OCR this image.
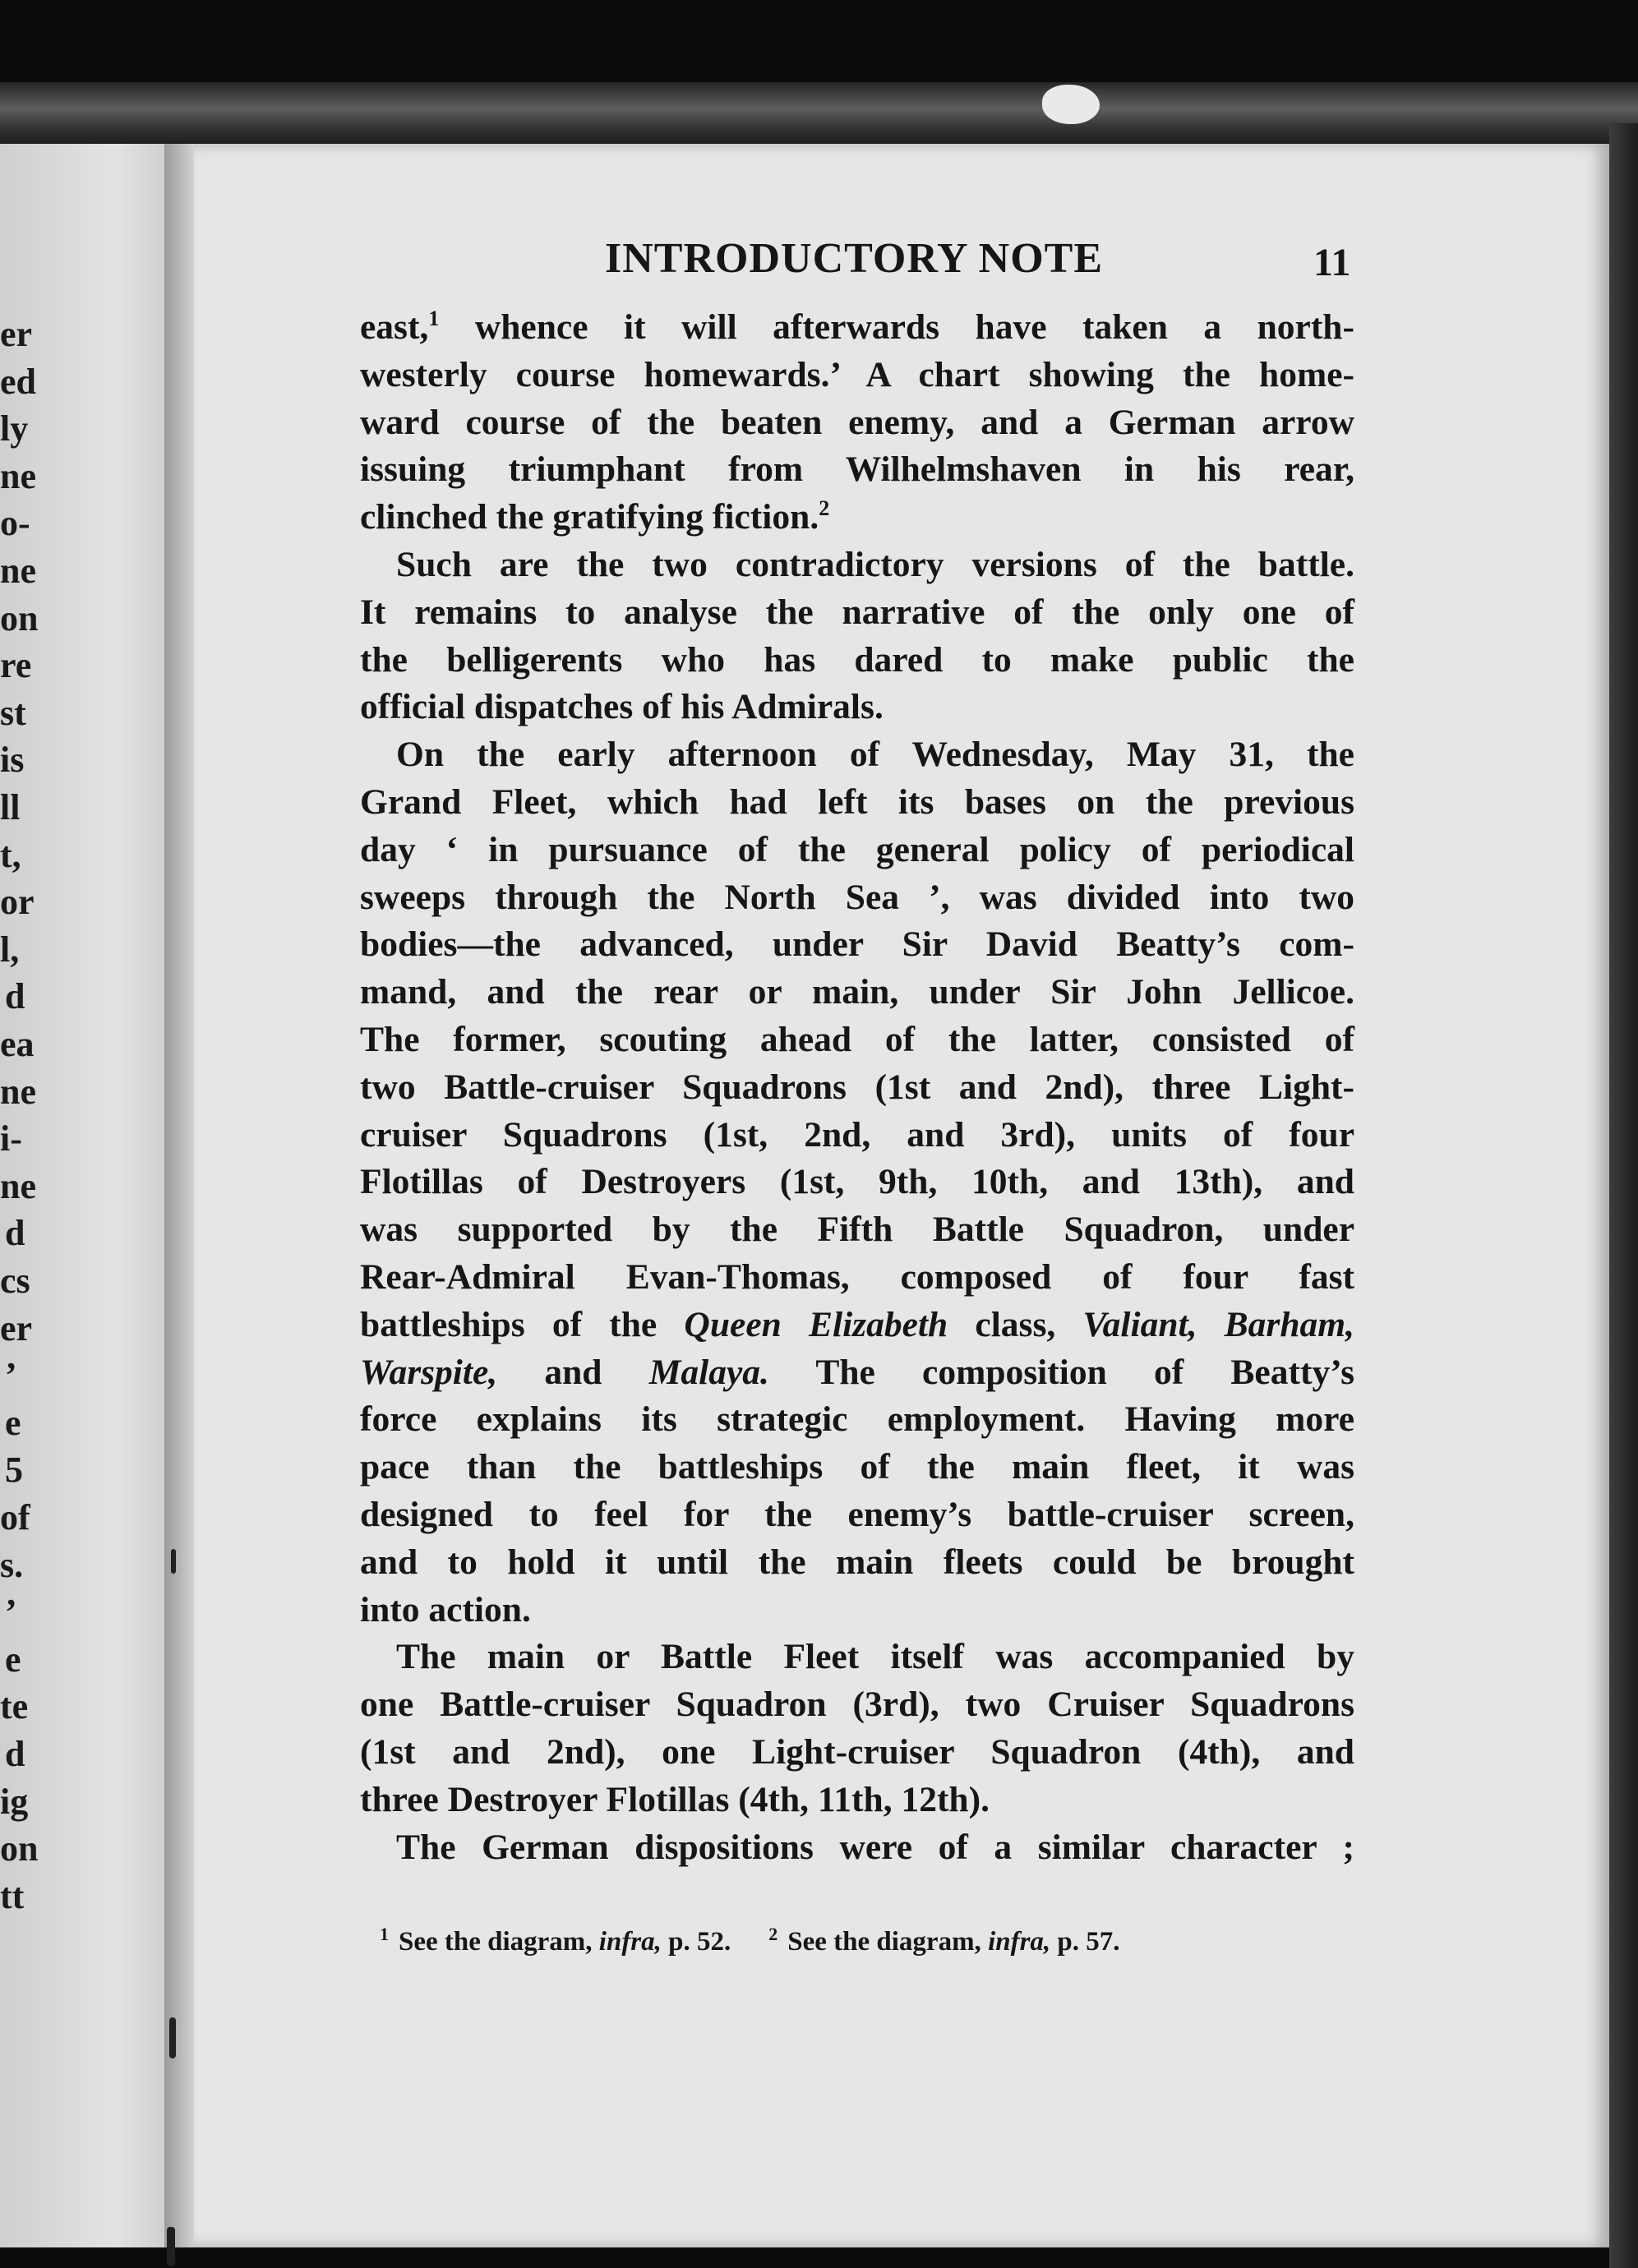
er
ed
ly
ne
o-
ne
on
re
st
is
ll
t,
or
l,
d
ea
ne
i-
ne
d
cs
er
’
e
5
of
s.
’
e
te
d
ig
on
tt
INTRODUCTORY NOTE	11
east,$^1$ whence it will afterwards have taken a north-
westerly course homewards.’ A chart showing the home-
ward course of the beaten enemy, and a German arrow
issuing triumphant from Wilhelmshaven in his rear,
clinched the gratifying fiction.$^2$
Such are the two contradictory versions of the battle.
It remains to analyse the narrative of the only one of
the belligerents who has dared to make public the
official dispatches of his Admirals.
On the early afternoon of Wednesday, May 31, the
Grand Fleet, which had left its bases on the previous
day ‘ in pursuance of the general policy of periodical
sweeps through the North Sea ’, was divided into two
bodies—the advanced, under Sir David Beatty’s com-
mand, and the rear or main, under Sir John Jellicoe.
The former, scouting ahead of the latter, consisted of
two Battle-cruiser Squadrons (1st and 2nd), three Light-
cruiser Squadrons (1st, 2nd, and 3rd), units of four
Flotillas of Destroyers (1st, 9th, 10th, and 13th), and
was supported by the Fifth Battle Squadron, under
Rear-Admiral Evan-Thomas, composed of four fast
battleships of the Queen Elizabeth class, Valiant, Barham,
Warspite, and Malaya. The composition of Beatty’s
force explains its strategic employment. Having more
pace than the battleships of the main fleet, it was
designed to feel for the enemy’s battle-cruiser screen,
and to hold it until the main fleets could be brought
into action.
The main or Battle Fleet itself was accompanied by
one Battle-cruiser Squadron (3rd), two Cruiser Squadrons
(1st and 2nd), one Light-cruiser Squadron (4th), and
three Destroyer Flotillas (4th, 11th, 12th).
The German dispositions were of a similar character ;
$^1$ See the diagram, infra, p. 52. $^2$ See the diagram, infra, p. 57.
